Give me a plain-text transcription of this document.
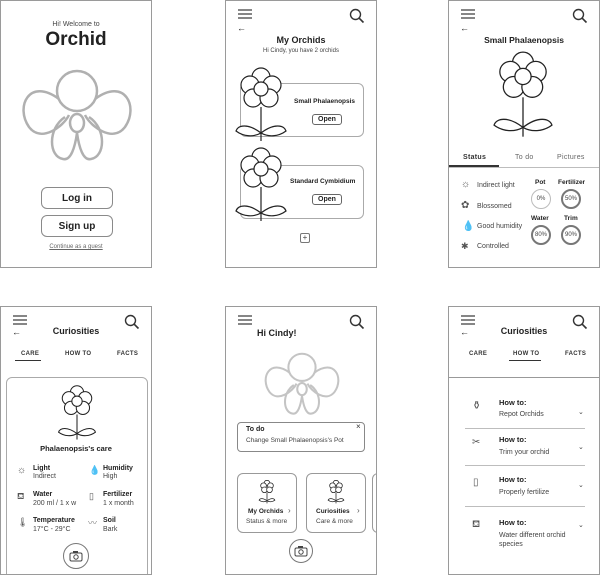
Hi! Welcome to
Orchid
Log in
Sign up
Continue as a guest
←
My Orchids
Hi Cindy, you have 2 orchids
Small Phalaenopsis
Open
Standard Cymbidium
Open
+
←
Small Phalaenopsis
Status	To do	Pictures
☼ Indirect light
✿ Blossomed
💧 Good humidity
✱ Controlled
Pot
0%
Fertilizer
50%
Water
80%
Trim
90%
←	Curiosities
CARE	HOW TO	FACTS
Phalaenopsis's care
☼ Light
Indirect
💧 Humidity
High
⛾ Water
200 ml / 1 x w
▯ Fertilizer
1 x month
🌡 Temperature
17°C - 29°C
〰 Soil
Bark
Hi Cindy!
To do
Change Small Phalaenopsis's Pot
×
My Orchids ›
Status & more
Curiosities ›
Care & more
←	Curiosities
CARE	HOW TO	FACTS
⚱ How to:
Repot Orchids	⌄
✂ How to:
Trim your orchid
⌄
▯	How to:
Properly fertilize
⌄
⛾	How to:
Water different orchid species
⌄
